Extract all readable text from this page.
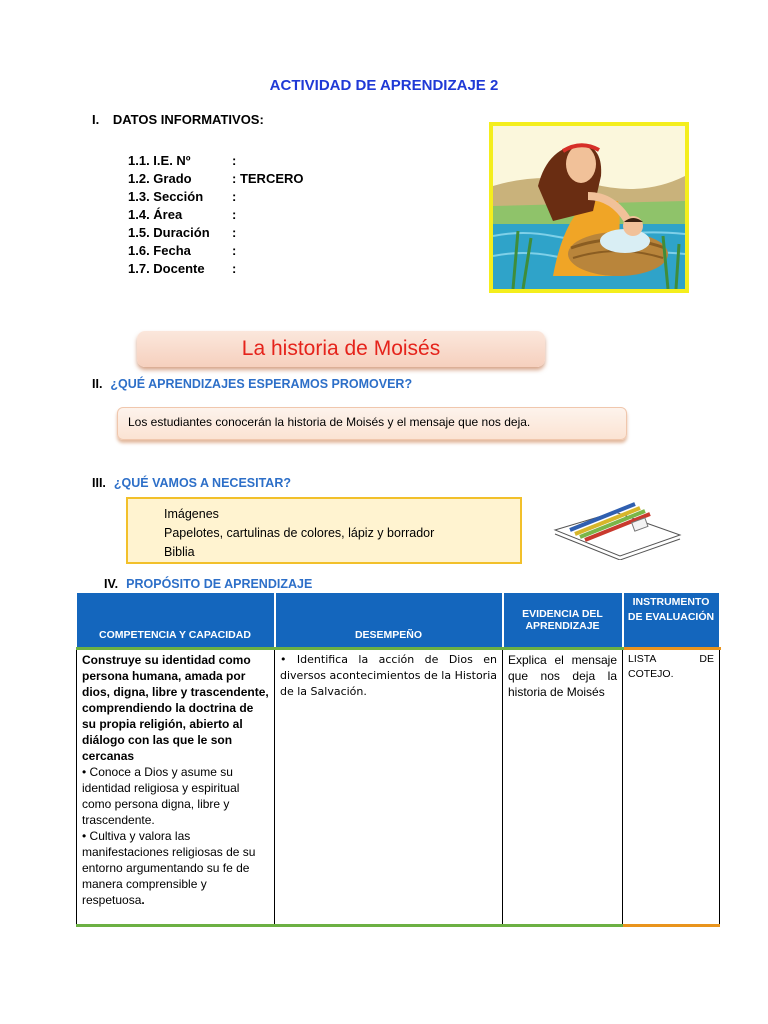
ACTIVIDAD DE APRENDIZAJE 2
I. DATOS INFORMATIVOS:
1.1. I.E. Nº	:
1.2. Grado	: TERCERO
1.3. Sección :
1.4. Área	:
1.5. Duración :
1.6. Fecha	:
1.7. Docente :
La historia de Moisés
II. ¿QUÉ APRENDIZAJES ESPERAMOS PROMOVER?
Los estudiantes conocerán la historia de Moisés y el mensaje que nos deja.
III. ¿QUÉ VAMOS A NECESITAR?
Imágenes
Papelotes, cartulinas de colores, lápiz y borrador
Biblia
IV. PROPÓSITO DE APRENDIZAJE
COMPETENCIA Y CAPACIDAD	DESEMPEÑO	EVIDENCIA DEL APRENDIZAJE	INSTRUMENTO DE EVALUACIÓN

Construye su identidad como persona humana, amada por dios, digna, libre y trascendente, comprendiendo la doctrina de su propia religión, abierto al diálogo con las que le son cercanas
• Conoce a Dios y asume su identidad religiosa y espiritual como persona digna, libre y trascendente.
• Cultiva y valora las manifestaciones religiosas de su entorno argumentando su fe de manera comprensible y respetuosa.	• Identifica la acción de Dios en diversos acontecimientos de la Historia de la Salvación.	Explica el mensaje que nos deja la historia de Moisés	LISTA DE COTEJO.
